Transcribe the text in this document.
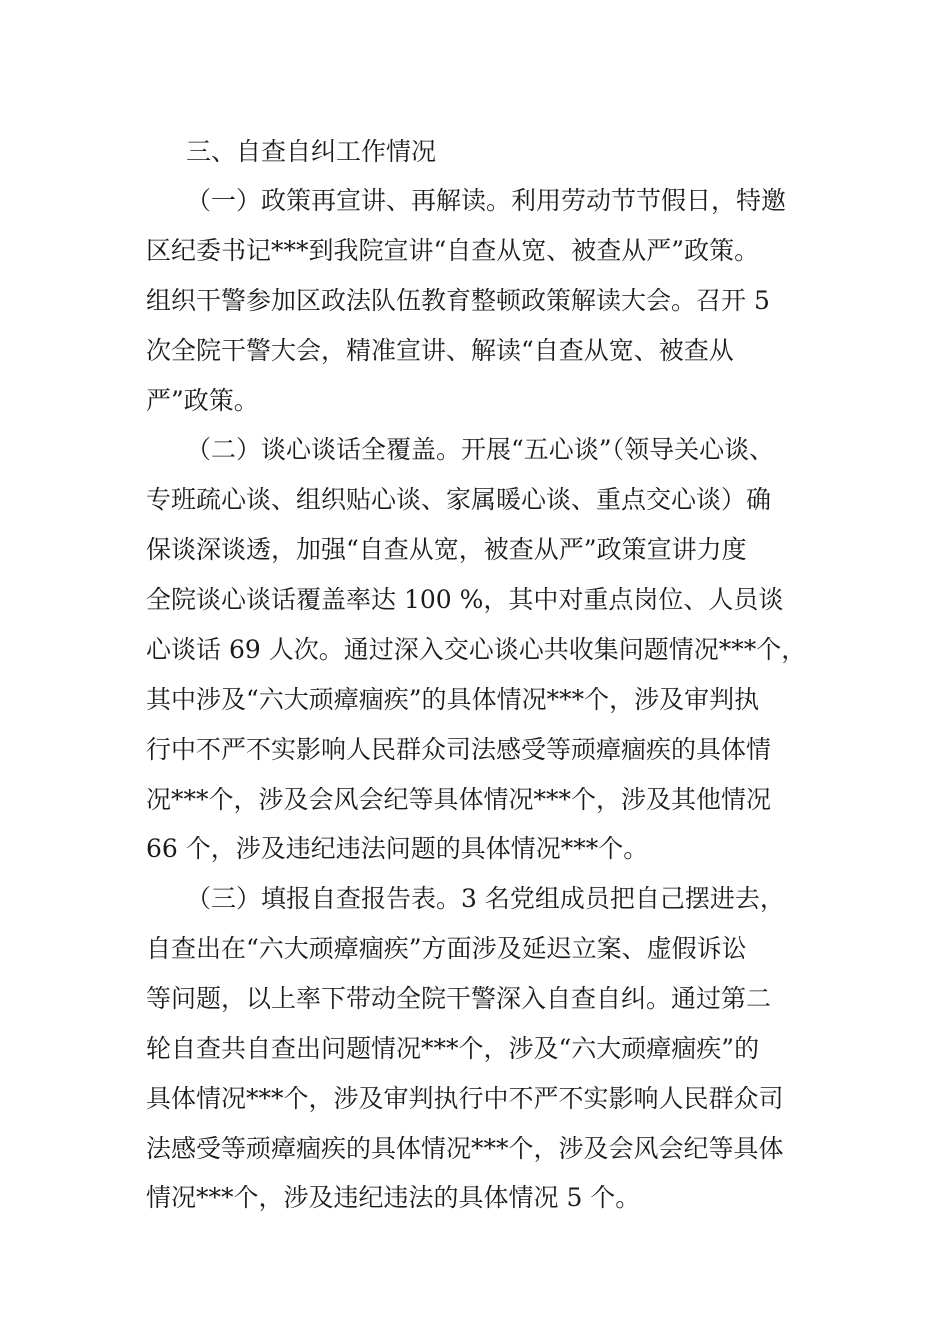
三、自查自纠工作情况

（一）政策再宣讲、再解读。利用劳动节节假日，特邀

区纪委书记***到我院宣讲“自查从宽、被查从严”政策。

组织干警参加区政法队伍教育整顿政策解读大会。召开 5

次全院干警大会，精准宣讲、解读“自查从宽、被查从

严”政策。

（二）谈心谈话全覆盖。开展“五心谈”（领导关心谈、

专班疏心谈、组织贴心谈、家属暖心谈、重点交心谈）确

保谈深谈透，加强“自查从宽，被查从严”政策宣讲力度

全院谈心谈话覆盖率达 100 %，其中对重点岗位、人员谈

心谈话 69 人次。通过深入交心谈心共收集问题情况***个，

其中涉及“六大顽瘴痼疾”的具体情况***个，涉及审判执

行中不严不实影响人民群众司法感受等顽瘴痼疾的具体情

况***个，涉及会风会纪等具体情况***个，涉及其他情况

66 个，涉及违纪违法问题的具体情况***个。

（三）填报自查报告表。3 名党组成员把自己摆进去，

自查出在“六大顽瘴痼疾”方面涉及延迟立案、虚假诉讼

等问题，以上率下带动全院干警深入自查自纠。通过第二

轮自查共自查出问题情况***个，涉及“六大顽瘴痼疾”的

具体情况***个，涉及审判执行中不严不实影响人民群众司

法感受等顽瘴痼疾的具体情况***个，涉及会风会纪等具体

情况***个，涉及违纪违法的具体情况 5 个。
